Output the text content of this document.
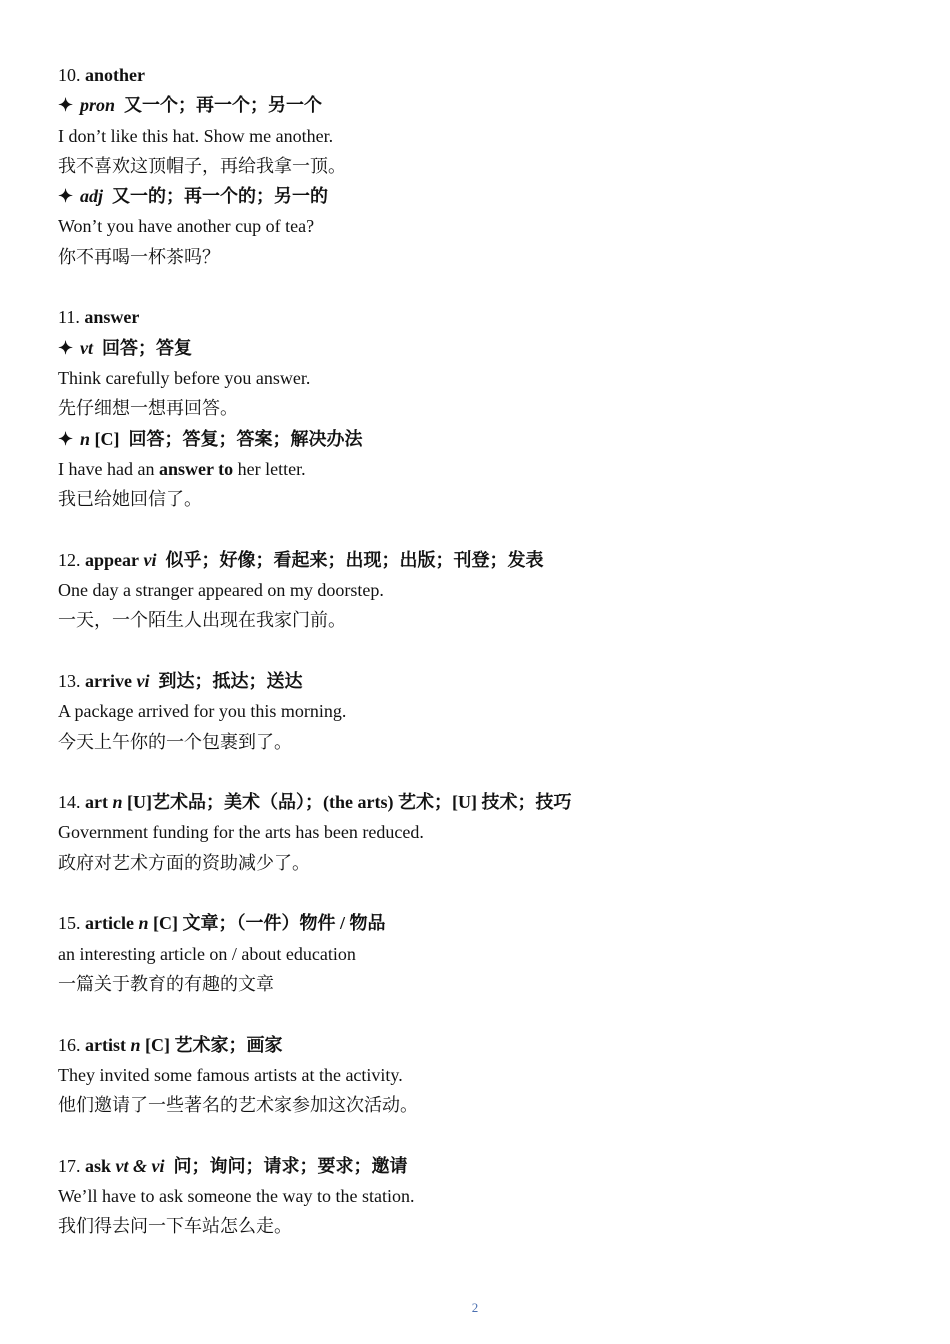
10. another
✦ pron 又一个；再一个；另一个
I don’t like this hat. Show me another.
我不喜欢这顶帽子，再给我拿一顶。
✦ adj 又一的；再一个的；另一的
Won’t you have another cup of tea?
你不再喝一杯茶吗？
11. answer
✦ vt 回答；答复
Think carefully before you answer.
先仔细想一想再回答。
✦ n [C] 回答；答复；答案；解决办法
I have had an answer to her letter.
我已给她回信了。
12. appear vi 似乎；好像；看起来；出现；出版；刊登；发表
One day a stranger appeared on my doorstep.
一天，一个陌生人出现在我家门前。
13. arrive vi 到达；抵达；送达
A package arrived for you this morning.
今天上午你的一个包裹到了。
14. art n [U]艺术品；美术（品）；(the arts) 艺术；[U] 技术；技巧
Government funding for the arts has been reduced.
政府对艺术方面的资助减少了。
15. article n [C] 文章；（一件）物件 / 物品
an interesting article on / about education
一篇关于教育的有趣的文章
16. artist n [C] 艺术家；画家
They invited some famous artists at the activity.
他们邀请了一些著名的艺术家参加这次活动。
17. ask vt & vi 问；询问；请求；要求；邀请
We’ll have to ask someone the way to the station.
我们得去问一下车站怎么走。
2
